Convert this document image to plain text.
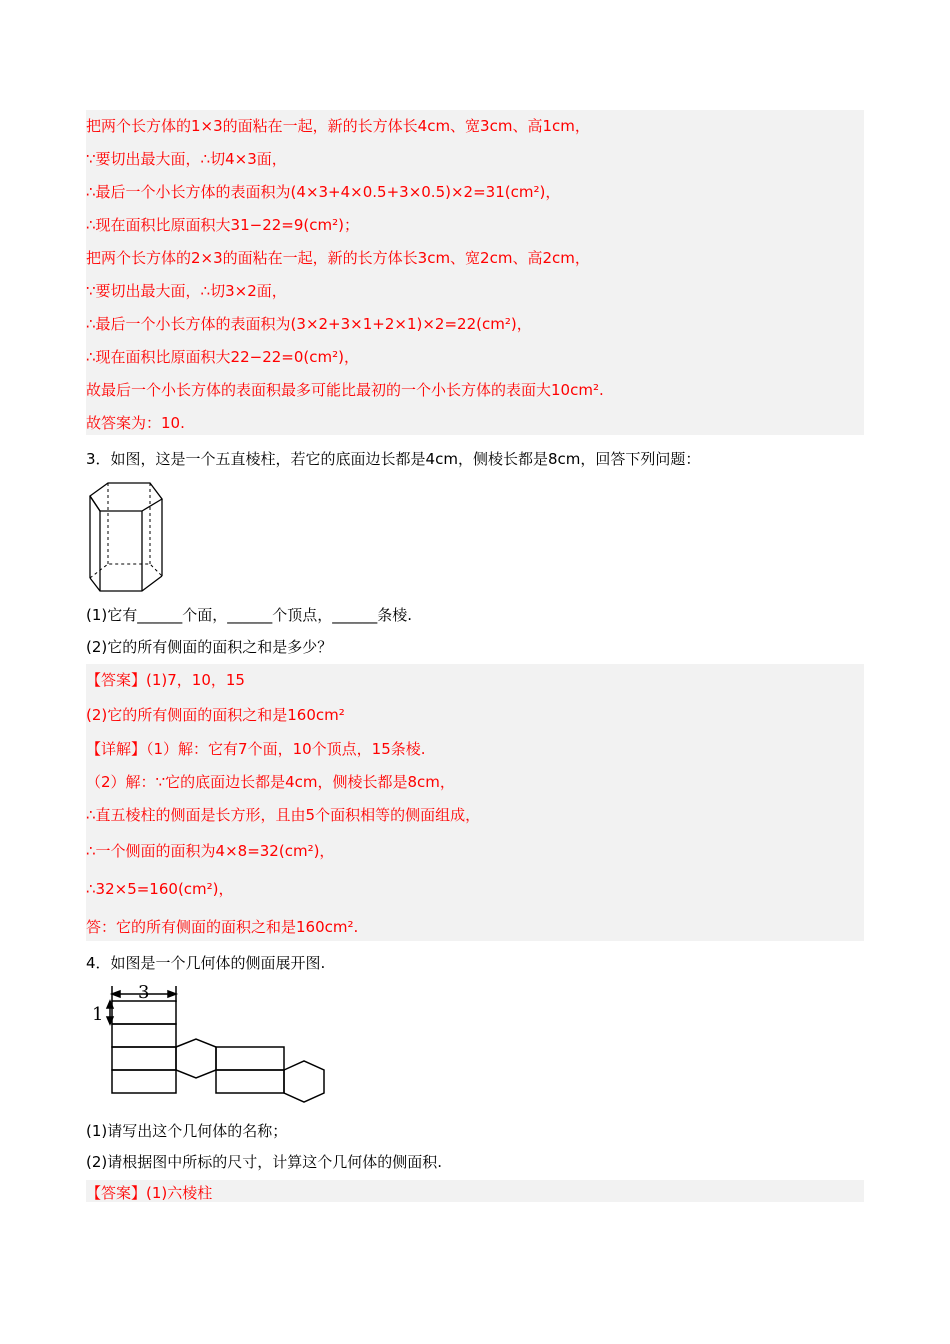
把两个长方体的1×3的面粘在一起，新的长方体长4cm、宽3cm、高1cm，
∵要切出最大面，∴切4×3面，
∴最后一个小长方体的表面积为(4×3+4×0.5+3×0.5)×2=31(cm²)，
∴现在面积比原面积大31−22=9(cm²)；
把两个长方体的2×3的面粘在一起，新的长方体长3cm、宽2cm、高2cm，
∵要切出最大面，∴切3×2面，
∴最后一个小长方体的表面积为(3×2+3×1+2×1)×2=22(cm²)，
∴现在面积比原面积大22−22=0(cm²)，
故最后一个小长方体的表面积最多可能比最初的一个小长方体的表面大10cm².
故答案为：10.
3．如图，这是一个五直棱柱，若它的底面边长都是4cm，侧棱长都是8cm，回答下列问题：
(1)它有______个面，______个顶点，______条棱.
(2)它的所有侧面的面积之和是多少？
【答案】(1)7，10，15
(2)它的所有侧面的面积之和是160cm²
【详解】（1）解：它有7个面，10个顶点，15条棱.
（2）解：∵它的底面边长都是4cm，侧棱长都是8cm，
∴直五棱柱的侧面是长方形，且由5个面积相等的侧面组成，
∴一个侧面的面积为4×8=32(cm²)，
∴32×5=160(cm²)，
答：它的所有侧面的面积之和是160cm².
4．如图是一个几何体的侧面展开图.
3
1
(1)请写出这个几何体的名称；
(2)请根据图中所标的尺寸，计算这个几何体的侧面积.
【答案】(1)六棱柱
